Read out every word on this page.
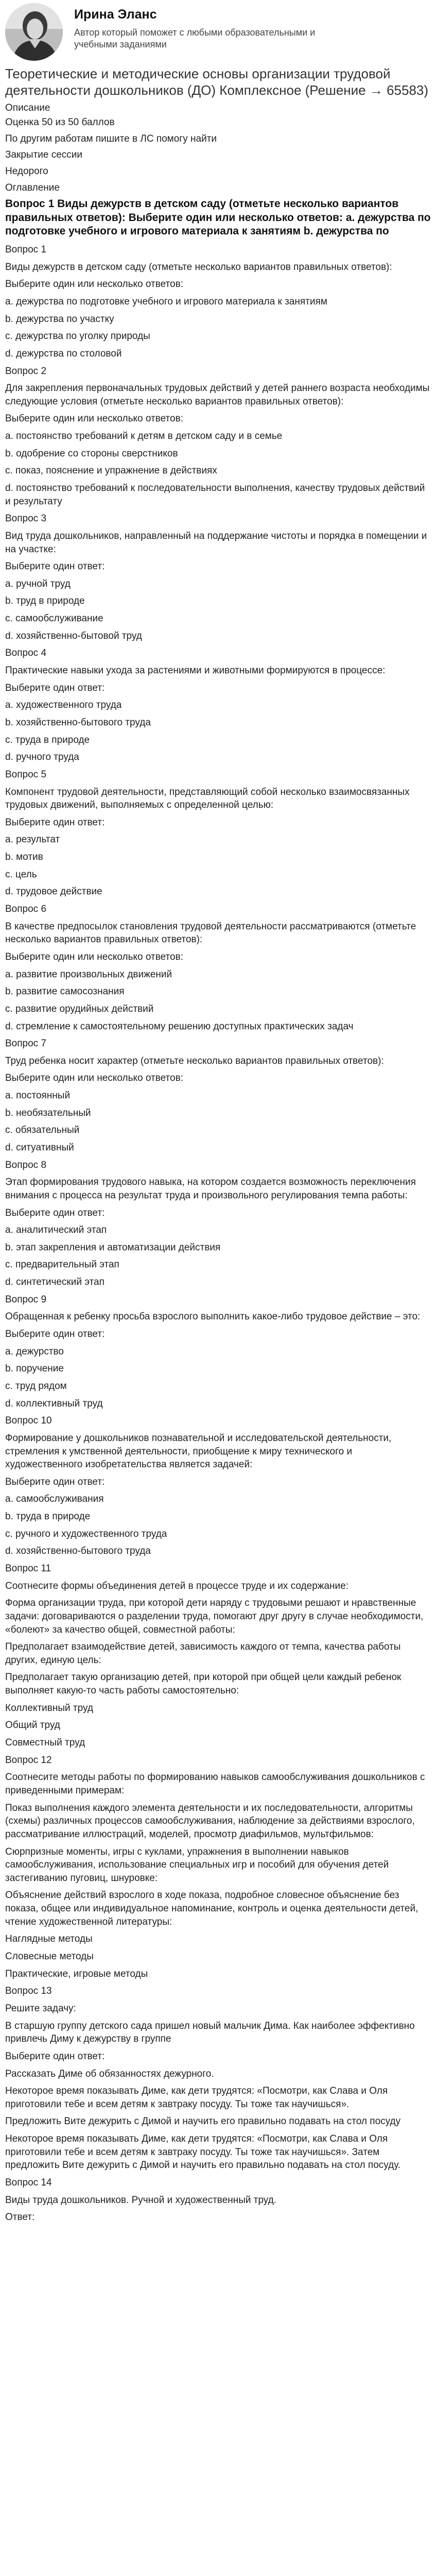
Ирина Эланс

Автор который поможет с любыми образовательными и учебными заданиями

Теоретические и методические основы организации трудовой деятельности дошкольников (ДО) Комплексное (Решение → 65583)

Описание

Оценка 50 из 50 баллов

По другим работам пишите в ЛС помогу найти

Закрытие сессии

Недорого

Оглавление

Вопрос 1 Виды дежурств в детском саду (отметьте несколько вариантов правильных ответов): Выберите один или несколько ответов: a. дежурства по подготовке учебного и игрового материала к занятиям b. дежурства по

Вопрос 1

Виды дежурств в детском саду (отметьте несколько вариантов правильных ответов):

Выберите один или несколько ответов:

a. дежурства по подготовке учебного и игрового материала к занятиям

b. дежурства по участку

c. дежурства по уголку природы

d. дежурства по столовой

Вопрос 2

Для закрепления первоначальных трудовых действий у детей раннего возраста необходимы следующие условия (отметьте несколько вариантов правильных ответов):

Выберите один или несколько ответов:

a. постоянство требований к детям в детском саду и в семье

b. одобрение со стороны сверстников

c. показ, пояснение и упражнение в действиях

d. постоянство требований к последовательности выполнения, качеству трудовых действий и результату

Вопрос 3

Вид труда дошкольников, направленный на поддержание чистоты и порядка в помещении и на участке:

Выберите один ответ:

a. ручной труд

b. труд в природе

c. самообслуживание

d. хозяйственно-бытовой труд

Вопрос 4

Практические навыки ухода за растениями и животными формируются в процессе:

Выберите один ответ:

a. художественного труда

b. хозяйственно-бытового труда

c. труда в природе

d. ручного труда

Вопрос 5

Компонент трудовой деятельности, представляющий собой несколько взаимосвязанных трудовых движений, выполняемых с определенной целью:

Выберите один ответ:

a. результат

b. мотив

c. цель

d. трудовое действие

Вопрос 6

В качестве предпосылок становления трудовой деятельности рассматриваются (отметьте несколько вариантов правильных ответов):

Выберите один или несколько ответов:

a. развитие произвольных движений

b. развитие самосознания

c. развитие орудийных действий

d. стремление к самостоятельному решению доступных практических задач

Вопрос 7

Труд ребенка носит характер (отметьте несколько вариантов правильных ответов):

Выберите один или несколько ответов:

a. постоянный

b. необязательный

c. обязательный

d. ситуативный

Вопрос 8

Этап формирования трудового навыка, на котором создается возможность переключения внимания с процесса на результат труда и произвольного регулирования темпа работы:

Выберите один ответ:

a. аналитический этап

b. этап закрепления и автоматизации действия

c. предварительный этап

d. синтетический этап

Вопрос 9

Обращенная к ребенку просьба взрослого выполнить какое-либо трудовое действие – это:

Выберите один ответ:

a. дежурство

b. поручение

c. труд рядом

d. коллективный труд

Вопрос 10

Формирование у дошкольников познавательной и исследовательской деятельности, стремления к умственной деятельности, приобщение к миру технического и художественного изобретательства является задачей:

Выберите один ответ:

a. самообслуживания

b. труда в природе

c. ручного и художественного труда

d. хозяйственно-бытового труда

Вопрос 11

Соотнесите формы объединения детей в процессе труде и их содержание:

Форма организации труда, при которой дети наряду с трудовыми решают и нравственные задачи: договариваются о разделении труда, помогают друг другу в случае необходимости, «болеют» за качество общей, совместной работы:

Предполагает взаимодействие детей, зависимость каждого от темпа, качества работы других, единую цель:

Предполагает такую организацию детей, при которой при общей цели каждый ребенок выполняет какую-то часть работы самостоятельно:

Коллективный труд

Общий труд

Совместный труд

Вопрос 12

Соотнесите методы работы по формированию навыков самообслуживания дошкольников с приведенными примерам:

Показ выполнения каждого элемента деятельности и их последовательности, алгоритмы (схемы) различных процессов самообслуживания, наблюдение за действиями взрослого, рассматривание иллюстраций, моделей, просмотр диафильмов, мультфильмов:

Сюрпризные моменты, игры с куклами, упражнения в выполнении навыков самообслуживания, использование специальных игр и пособий для обучения детей застегиванию пуговиц, шнуровке:

Объяснение действий взрослого в ходе показа, подробное словесное объяснение без показа, общее или индивидуальное напоминание, контроль и оценка деятельности детей, чтение художественной литературы:

Наглядные методы

Словесные методы

Практические, игровые методы

Вопрос 13

Решите задачу:

В старшую группу детского сада пришел новый мальчик Дима. Как наиболее эффективно привлечь Диму к дежурству в группе

Выберите один ответ:

Рассказать Диме об обязанностях дежурного.

Некоторое время показывать Диме, как дети трудятся: «Посмотри, как Слава и Оля приготовили тебе и всем детям к завтраку посуду. Ты тоже так научишься».

Предложить Вите дежурить с Димой и научить его правильно подавать на стол посуду

Некоторое время показывать Диме, как дети трудятся: «Посмотри, как Слава и Оля приготовили тебе и всем детям к завтраку посуду. Ты тоже так научишься». Затем предложить Вите дежурить с Димой и научить его правильно подавать на стол посуду.

Вопрос 14

Виды труда дошкольников. Ручной и художественный труд.

Ответ:
